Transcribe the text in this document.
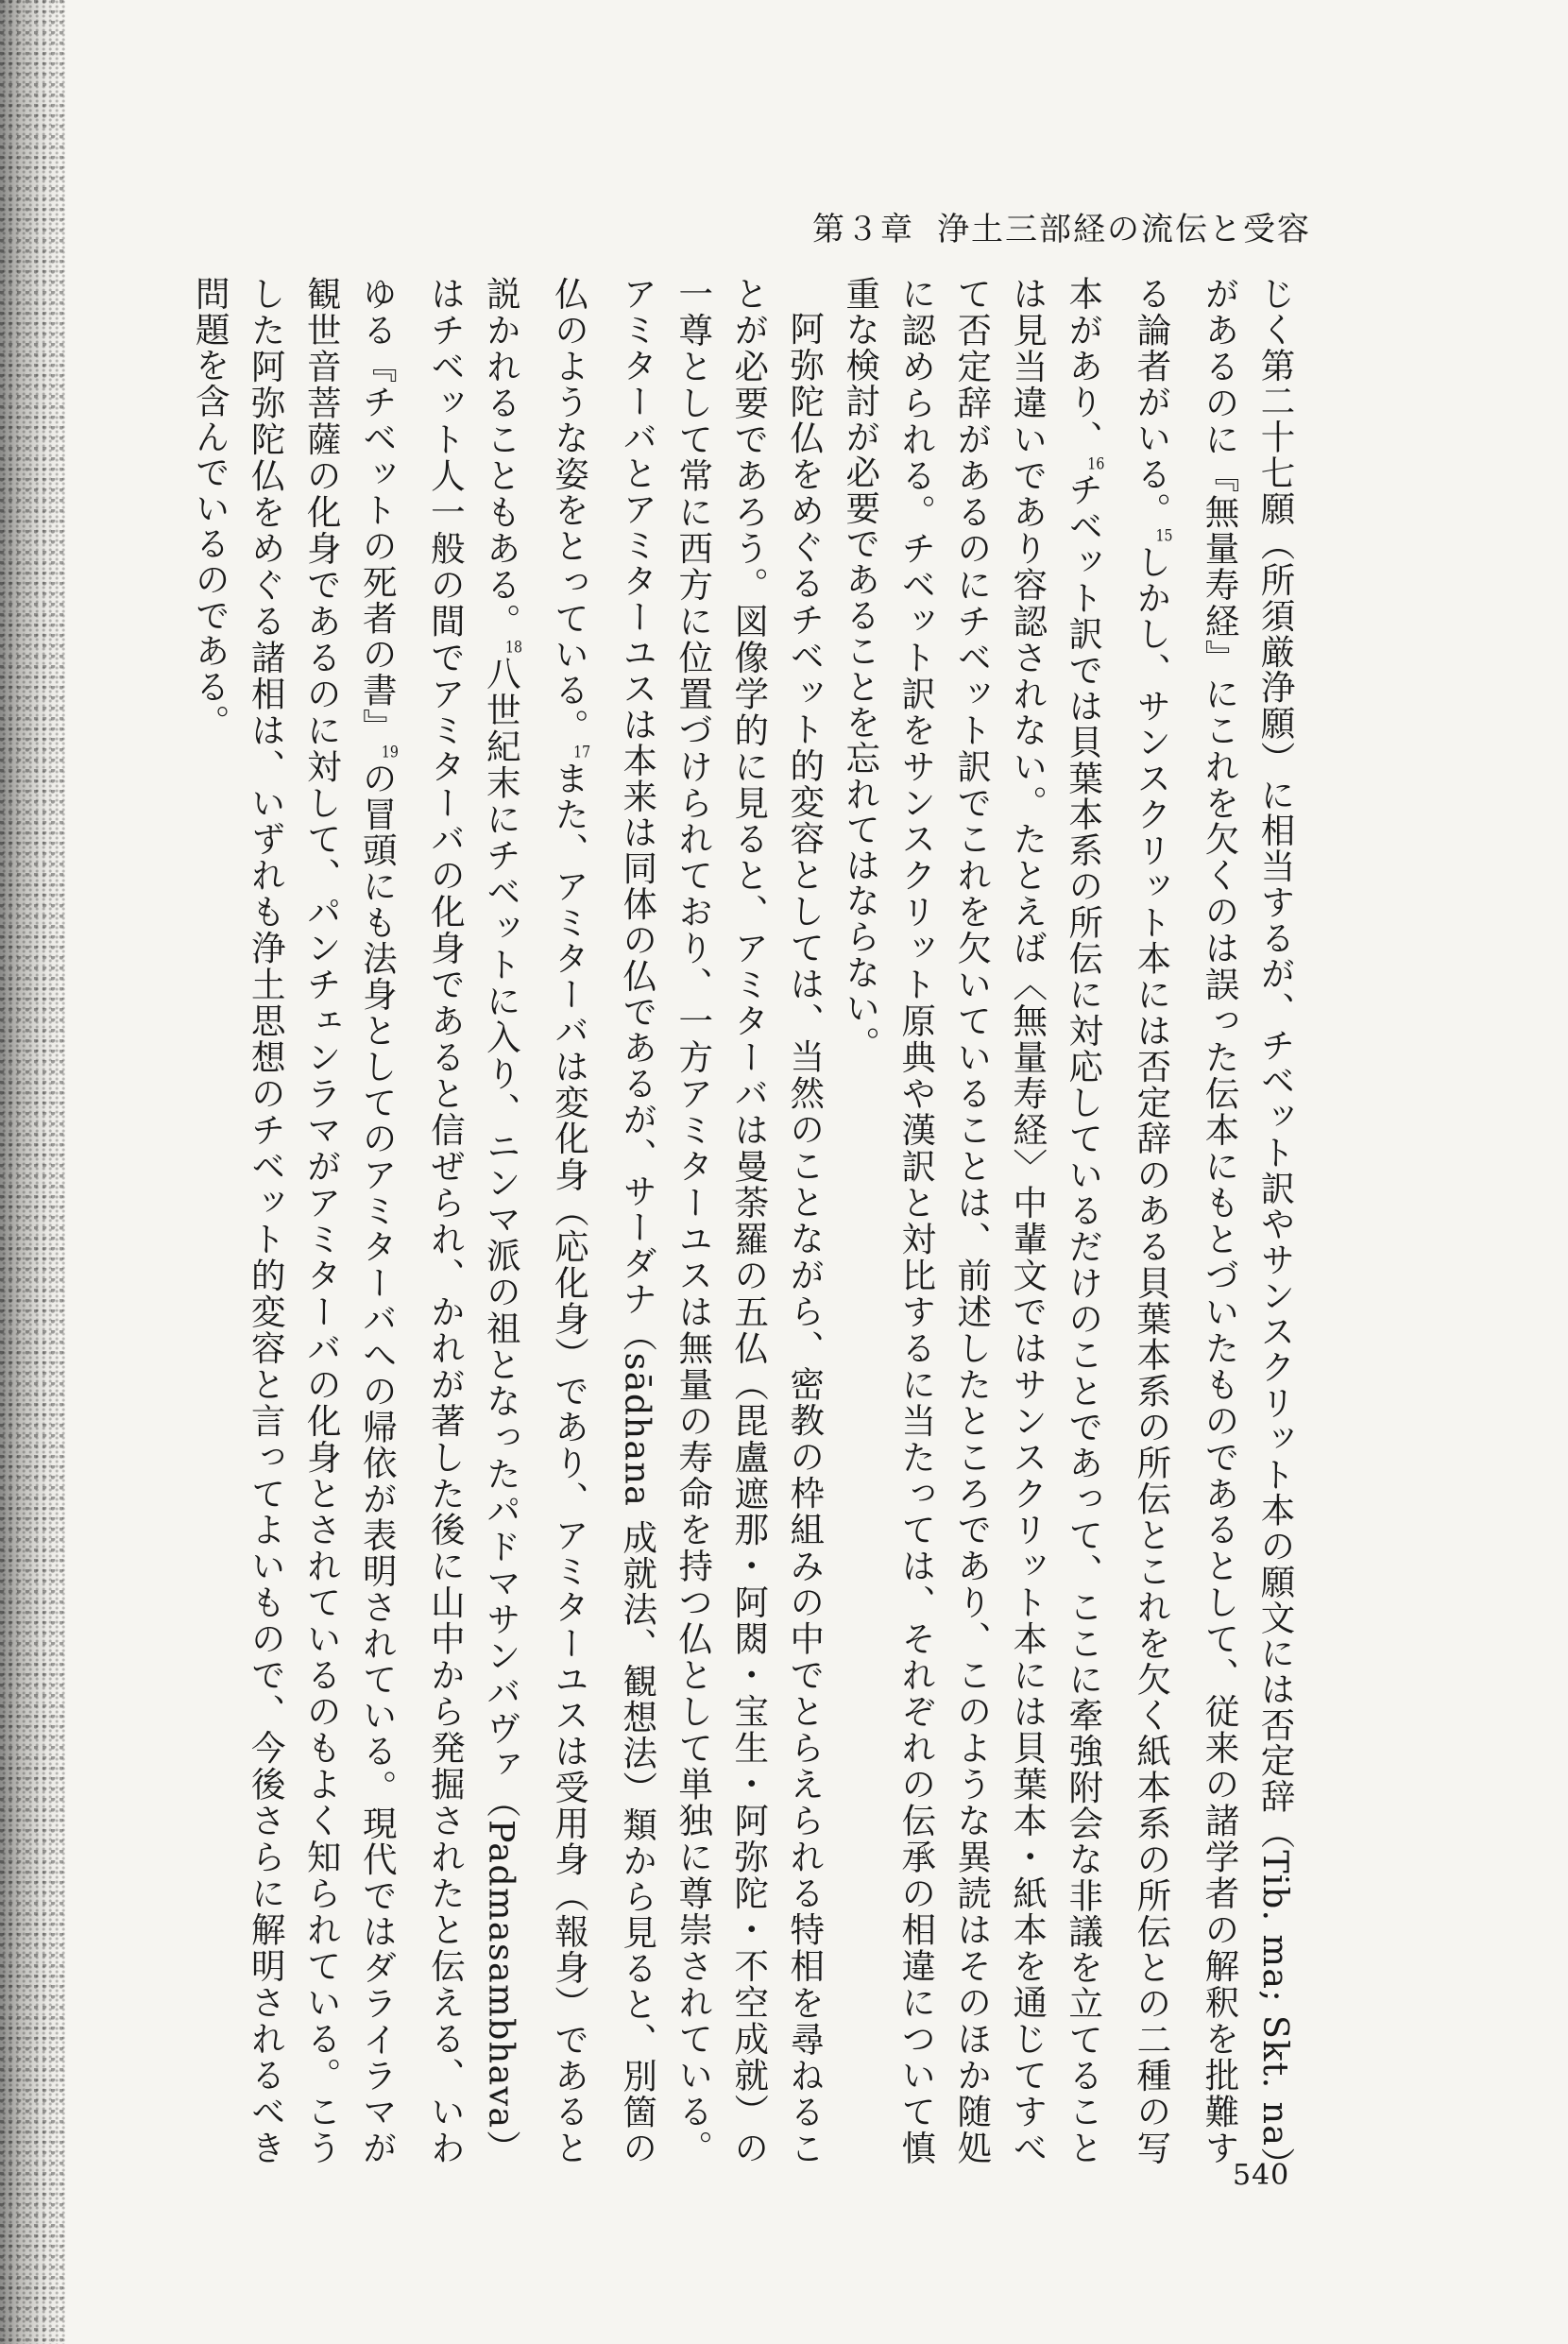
第３章 浄土三部経の流伝と受容

じく第二十七願（所須厳浄願）に相当するが、チベット訳やサンスクリット本の願文には否定辞（Tib. ma; Skt. na）があるのに『無量寿経』にこれを欠くのは誤った伝本にもとづいたものであるとして、従来の諸学者の解釈を批難する論者がいる。$^{15}$しかし、サンスクリット本には否定辞のある貝葉本系の所伝とこれを欠く紙本系の所伝との二種の写本があり、$^{16}$チベット訳では貝葉本系の所伝に対応しているだけのことであって、ここに牽強附会な非議を立てることは見当違いであり容認されない。たとえば〈無量寿経〉中輩文ではサンスクリット本には貝葉本・紙本を通じてすべて否定辞があるのにチベット訳でこれを欠いていることは、前述したところであり、このような異読はそのほか随処に認められる。チベット訳をサンスクリット原典や漢訳と対比するに当たっては、それぞれの伝承の相違について慎重な検討が必要であることを忘れてはならない。

阿弥陀仏をめぐるチベット的変容としては、当然のことながら、密教の枠組みの中でとらえられる特相を尋ねることが必要であろう。図像学的に見ると、アミターバは曼荼羅の五仏（毘盧遮那・阿閦・宝生・阿弥陀・不空成就）の一尊として常に西方に位置づけられており、一方アミターユスは無量の寿命を持つ仏として単独に尊崇されている。アミターバとアミターユスは本来は同体の仏であるが、サーダナ（sādhana 成就法、観想法）類から見ると、別箇の仏のような姿をとっている。$^{17}$また、アミターバは変化身（応化身）であり、アミターユスは受用身（報身）であると説かれることもある。$^{18}$八世紀末にチベットに入り、ニンマ派の祖となったパドマサンバヴァ（Padmasambhava）はチベット人一般の間でアミターバの化身であると信ぜられ、かれが著した後に山中から発掘されたと伝える、いわゆる『チベットの死者の書』$^{19}$の冒頭にも法身としてのアミターバへの帰依が表明されている。現代ではダライラマが観世音菩薩の化身であるのに対して、パンチェンラマがアミターバの化身とされているのもよく知られている。こうした阿弥陀仏をめぐる諸相は、いずれも浄土思想のチベット的変容と言ってよいもので、今後さらに解明されるべき問題を含んでいるのである。

540
